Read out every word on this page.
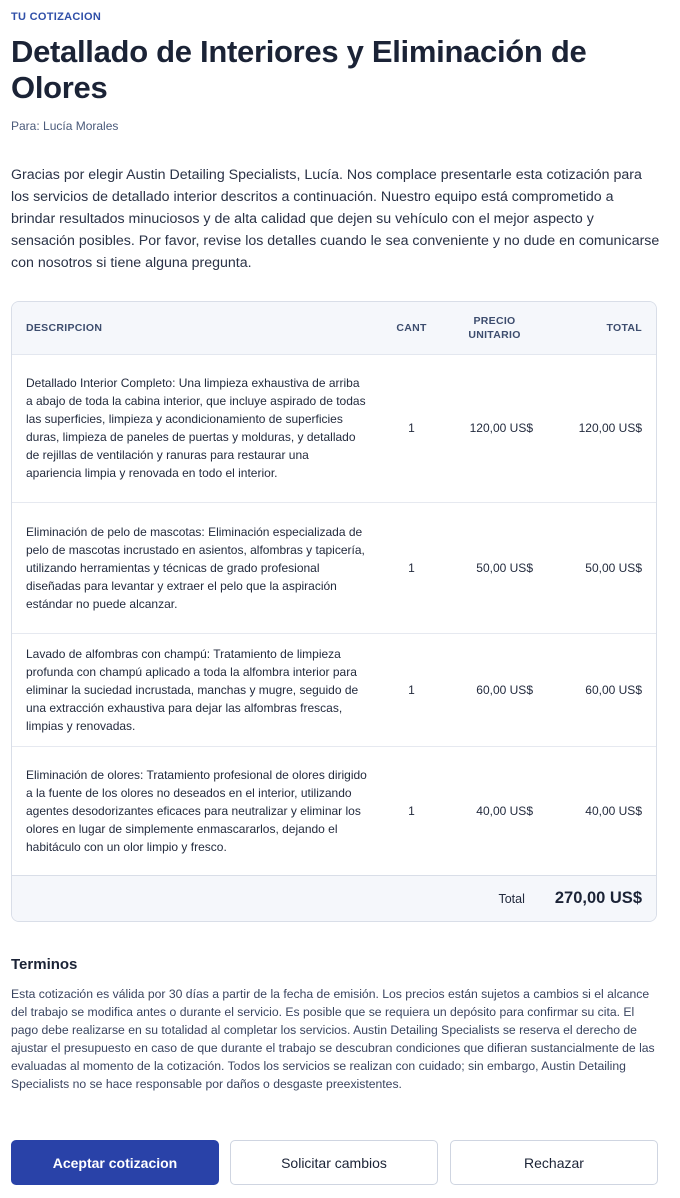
TU COTIZACION
Detallado de Interiores y Eliminación de Olores
Para: Lucía Morales

Gracias por elegir Austin Detailing Specialists, Lucía. Nos complace presentarle esta cotización para los servicios de detallado interior descritos a continuación. Nuestro equipo está comprometido a brindar resultados minuciosos y de alta calidad que dejen su vehículo con el mejor aspecto y sensación posibles. Por favor, revise los detalles cuando le sea conveniente y no dude en comunicarse con nosotros si tiene alguna pregunta.

DESCRIPCION	CANT	PRECIO UNITARIO	TOTAL
Detallado Interior Completo: Una limpieza exhaustiva de arriba a abajo de toda la cabina interior, que incluye aspirado de todas las superficies, limpieza y acondicionamiento de superficies duras, limpieza de paneles de puertas y molduras, y detallado de rejillas de ventilación y ranuras para restaurar una apariencia limpia y renovada en todo el interior.	1	120,00 US$	120,00 US$
Eliminación de pelo de mascotas: Eliminación especializada de pelo de mascotas incrustado en asientos, alfombras y tapicería, utilizando herramientas y técnicas de grado profesional diseñadas para levantar y extraer el pelo que la aspiración estándar no puede alcanzar.	1	50,00 US$	50,00 US$
Lavado de alfombras con champú: Tratamiento de limpieza profunda con champú aplicado a toda la alfombra interior para eliminar la suciedad incrustada, manchas y mugre, seguido de una extracción exhaustiva para dejar las alfombras frescas, limpias y renovadas.	1	60,00 US$	60,00 US$
Eliminación de olores: Tratamiento profesional de olores dirigido a la fuente de los olores no deseados en el interior, utilizando agentes desodorizantes eficaces para neutralizar y eliminar los olores en lugar de simplemente enmascararlos, dejando el habitáculo con un olor limpio y fresco.	1	40,00 US$	40,00 US$
Total 270,00 US$
Terminos

Esta cotización es válida por 30 días a partir de la fecha de emisión. Los precios están sujetos a cambios si el alcance del trabajo se modifica antes o durante el servicio. Es posible que se requiera un depósito para confirmar su cita. El pago debe realizarse en su totalidad al completar los servicios. Austin Detailing Specialists se reserva el derecho de ajustar el presupuesto en caso de que durante el trabajo se descubran condiciones que difieran sustancialmente de las evaluadas al momento de la cotización. Todos los servicios se realizan con cuidado; sin embargo, Austin Detailing Specialists no se hace responsable por daños o desgaste preexistentes.

Aceptar cotizacion	Solicitar cambios	Rechazar
